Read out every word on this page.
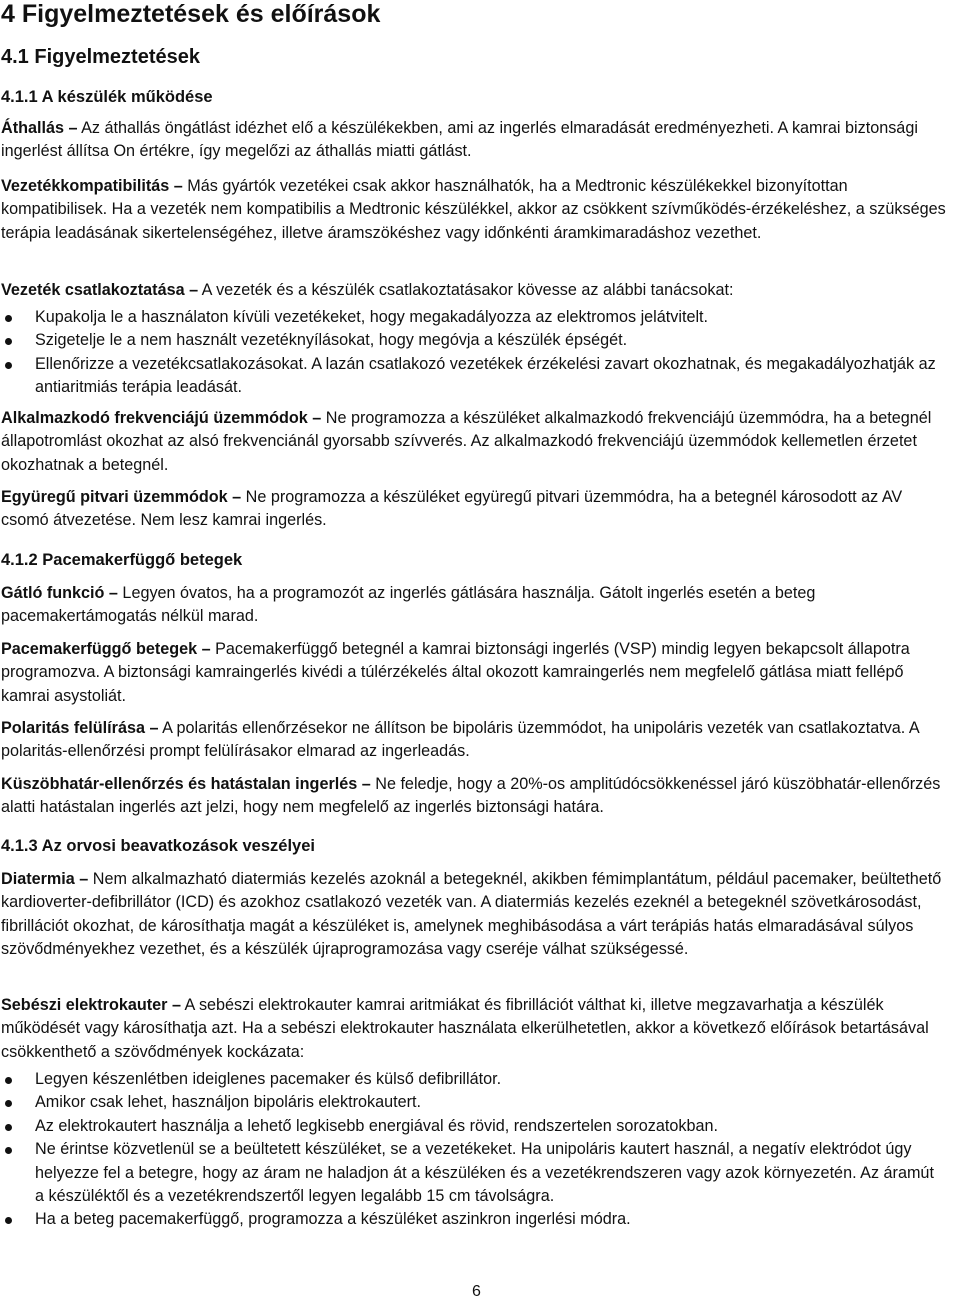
4 Figyelmeztetések és előírások
4.1 Figyelmeztetések
4.1.1 A készülék működése

Áthallás – Az áthallás öngátlást idézhet elő a készülékekben, ami az ingerlés elmaradását eredményezheti. A kamrai biztonsági ingerlést állítsa On értékre, így megelőzi az áthallás miatti gátlást.

Vezetékkompatibilitás – Más gyártók vezetékei csak akkor használhatók, ha a Medtronic készülékekkel bizonyítottan kompatibilisek. Ha a vezeték nem kompatibilis a Medtronic készülékkel, akkor az csökkent szívműködés-érzékeléshez, a szükséges terápia leadásának sikertelenségéhez, illetve áramszökéshez vagy időnkénti áramkimaradáshoz vezethet.

Vezeték csatlakoztatása – A vezeték és a készülék csatlakoztatásakor kövesse az alábbi tanácsokat:

Kupakolja le a használaton kívüli vezetékeket, hogy megakadályozza az elektromos jelátvitelt.
Szigetelje le a nem használt vezetéknyílásokat, hogy megóvja a készülék épségét.
Ellenőrizze a vezetékcsatlakozásokat. A lazán csatlakozó vezetékek érzékelési zavart okozhatnak, és megakadályozhatják az antiaritmiás terápia leadását.

Alkalmazkodó frekvenciájú üzemmódok – Ne programozza a készüléket alkalmazkodó frekvenciájú üzemmódra, ha a betegnél állapotromlást okozhat az alsó frekvenciánál gyorsabb szívverés. Az alkalmazkodó frekvenciájú üzemmódok kellemetlen érzetet okozhatnak a betegnél.

Együregű pitvari üzemmódok – Ne programozza a készüléket együregű pitvari üzemmódra, ha a betegnél károsodott az AV csomó átvezetése. Nem lesz kamrai ingerlés.

4.1.2 Pacemakerfüggő betegek

Gátló funkció – Legyen óvatos, ha a programozót az ingerlés gátlására használja. Gátolt ingerlés esetén a beteg pacemakertámogatás nélkül marad.

Pacemakerfüggő betegek – Pacemakerfüggő betegnél a kamrai biztonsági ingerlés (VSP) mindig legyen bekapcsolt állapotra programozva. A biztonsági kamraingerlés kivédi a túlérzékelés által okozott kamraingerlés nem megfelelő gátlása miatt fellépő kamrai asystoliát.

Polaritás felülírása – A polaritás ellenőrzésekor ne állítson be bipoláris üzemmódot, ha unipoláris vezeték van csatlakoztatva. A polaritás-ellenőrzési prompt felülírásakor elmarad az ingerleadás.

Küszöbhatár-ellenőrzés és hatástalan ingerlés – Ne feledje, hogy a 20%-os amplitúdócsökkenéssel járó küszöbhatár-ellenőrzés alatti hatástalan ingerlés azt jelzi, hogy nem megfelelő az ingerlés biztonsági határa.

4.1.3 Az orvosi beavatkozások veszélyei

Diatermia – Nem alkalmazható diatermiás kezelés azoknál a betegeknél, akikben fémimplantátum, például pacemaker, beültethető kardioverter-defibrillátor (ICD) és azokhoz csatlakozó vezeték van. A diatermiás kezelés ezeknél a betegeknél szövetkárosodást, fibrillációt okozhat, de károsíthatja magát a készüléket is, amelynek meghibásodása a várt terápiás hatás elmaradásával súlyos szövődményekhez vezethet, és a készülék újraprogramozása vagy cseréje válhat szükségessé.

Sebészi elektrokauter – A sebészi elektrokauter kamrai aritmiákat és fibrillációt válthat ki, illetve megzavarhatja a készülék működését vagy károsíthatja azt. Ha a sebészi elektrokauter használata elkerülhetetlen, akkor a következő előírások betartásával csökkenthető a szövődmények kockázata:

Legyen készenlétben ideiglenes pacemaker és külső defibrillátor.
Amikor csak lehet, használjon bipoláris elektrokautert.
Az elektrokautert használja a lehető legkisebb energiával és rövid, rendszertelen sorozatokban.
Ne érintse közvetlenül se a beültetett készüléket, se a vezetékeket. Ha unipoláris kautert használ, a negatív elektródot úgy helyezze fel a betegre, hogy az áram ne haladjon át a készüléken és a vezetékrendszeren vagy azok környezetén. Az áramút a készüléktől és a vezetékrendszertől legyen legalább 15 cm távolságra.
Ha a beteg pacemakerfüggő, programozza a készüléket aszinkron ingerlési módra.
6
